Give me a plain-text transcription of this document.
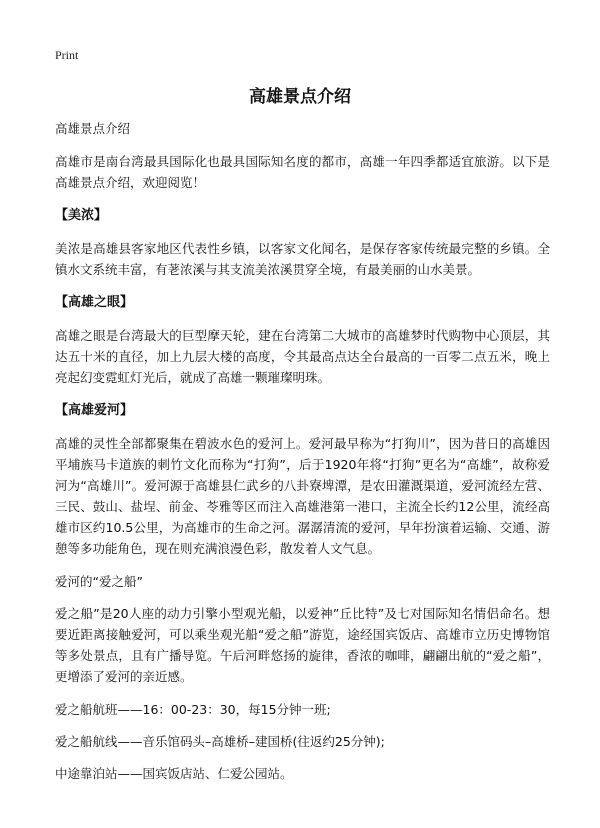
Print
高雄景点介绍

高雄景点介绍

高雄市是南台湾最具国际化也最具国际知名度的都市，高雄一年四季都适宜旅游。以下是高雄景点介绍，欢迎阅览！

【美浓】

美浓是高雄县客家地区代表性乡镇，以客家文化闻名，是保存客家传统最完整的乡镇。全镇水文系统丰富，有荖浓溪与其支流美浓溪贯穿全境，有最美丽的山水美景。

【高雄之眼】

高雄之眼是台湾最大的巨型摩天轮，建在台湾第二大城市的高雄梦时代购物中心顶层，其达五十米的直径，加上九层大楼的高度，令其最高点达全台最高的一百零二点五米，晚上亮起幻变霓虹灯光后，就成了高雄一颗璀璨明珠。

【高雄爱河】

高雄的灵性全部都聚集在碧波水色的爱河上。爱河最早称为“打狗川”，因为昔日的高雄因平埔族马卡道族的刺竹文化而称为“打狗”，后于1920年将“打狗”更名为“高雄”，故称爱河为“高雄川”。爱河源于高雄县仁武乡的八卦寮埤潭，是农田灌溉渠道，爱河流经左营、三民、鼓山、盐埕、前金、苓雅等区而注入高雄港第一港口，主流全长约12公里，流经高雄市区约10.5公里，为高雄市的生命之河。潺潺清流的爱河，早年扮演着运输、交通、游憩等多功能角色，现在则充满浪漫色彩，散发着人文气息。

爱河的“爱之船”

爱之船”是20人座的动力引擎小型观光船，以爱神”丘比特”及七对国际知名情侣命名。想要近距离接触爱河，可以乘坐观光船“爱之船”游览，途经国宾饭店、高雄市立历史博物馆等多处景点，且有广播导览。午后河畔悠扬的旋律，香浓的咖啡，翩翩出航的“爱之船”，更增添了爱河的亲近感。

爱之船航班——16：00-23：30，每15分钟一班;

爱之船航线——音乐馆码头–高雄桥–建国桥(往返约25分钟);

中途靠泊站——国宾饭店站、仁爱公园站。
